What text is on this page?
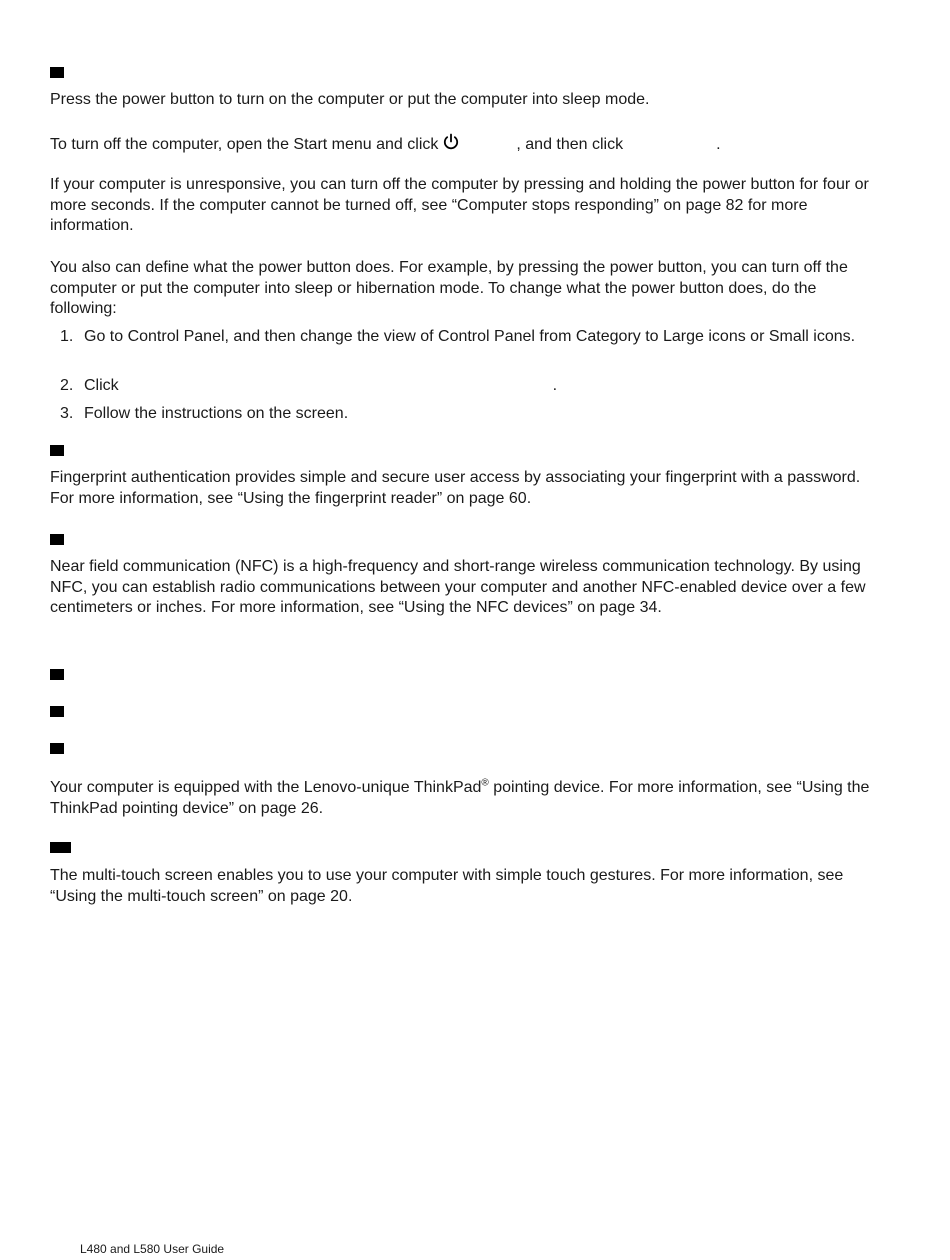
Press the power button to turn on the computer or put the computer into sleep mode.

To turn off the computer, open the Start menu and click	, and then click	.

If your computer is unresponsive, you can turn off the computer by pressing and holding the power button for four or more seconds. If the computer cannot be turned off, see “Computer stops responding” on page 82 for more information.

You also can define what the power button does. For example, by pressing the power button, you can turn off the computer or put the computer into sleep or hibernation mode. To change what the power button does, do the following:

1. Go to Control Panel, and then change the view of Control Panel from Category to Large icons or Small icons.
2. Click	.
3. Follow the instructions on the screen.

Fingerprint authentication provides simple and secure user access by associating your fingerprint with a password. For more information, see “Using the fingerprint reader” on page 60.

Near field communication (NFC) is a high-frequency and short-range wireless communication technology. By using NFC, you can establish radio communications between your computer and another NFC-enabled device over a few centimeters or inches. For more information, see “Using the NFC devices” on page 34.

Your computer is equipped with the Lenovo-unique ThinkPad® pointing device. For more information, see “Using the ThinkPad pointing device” on page 26.

The multi-touch screen enables you to use your computer with simple touch gestures. For more information, see “Using the multi-touch screen” on page 20.

L480 and L580 User Guide
